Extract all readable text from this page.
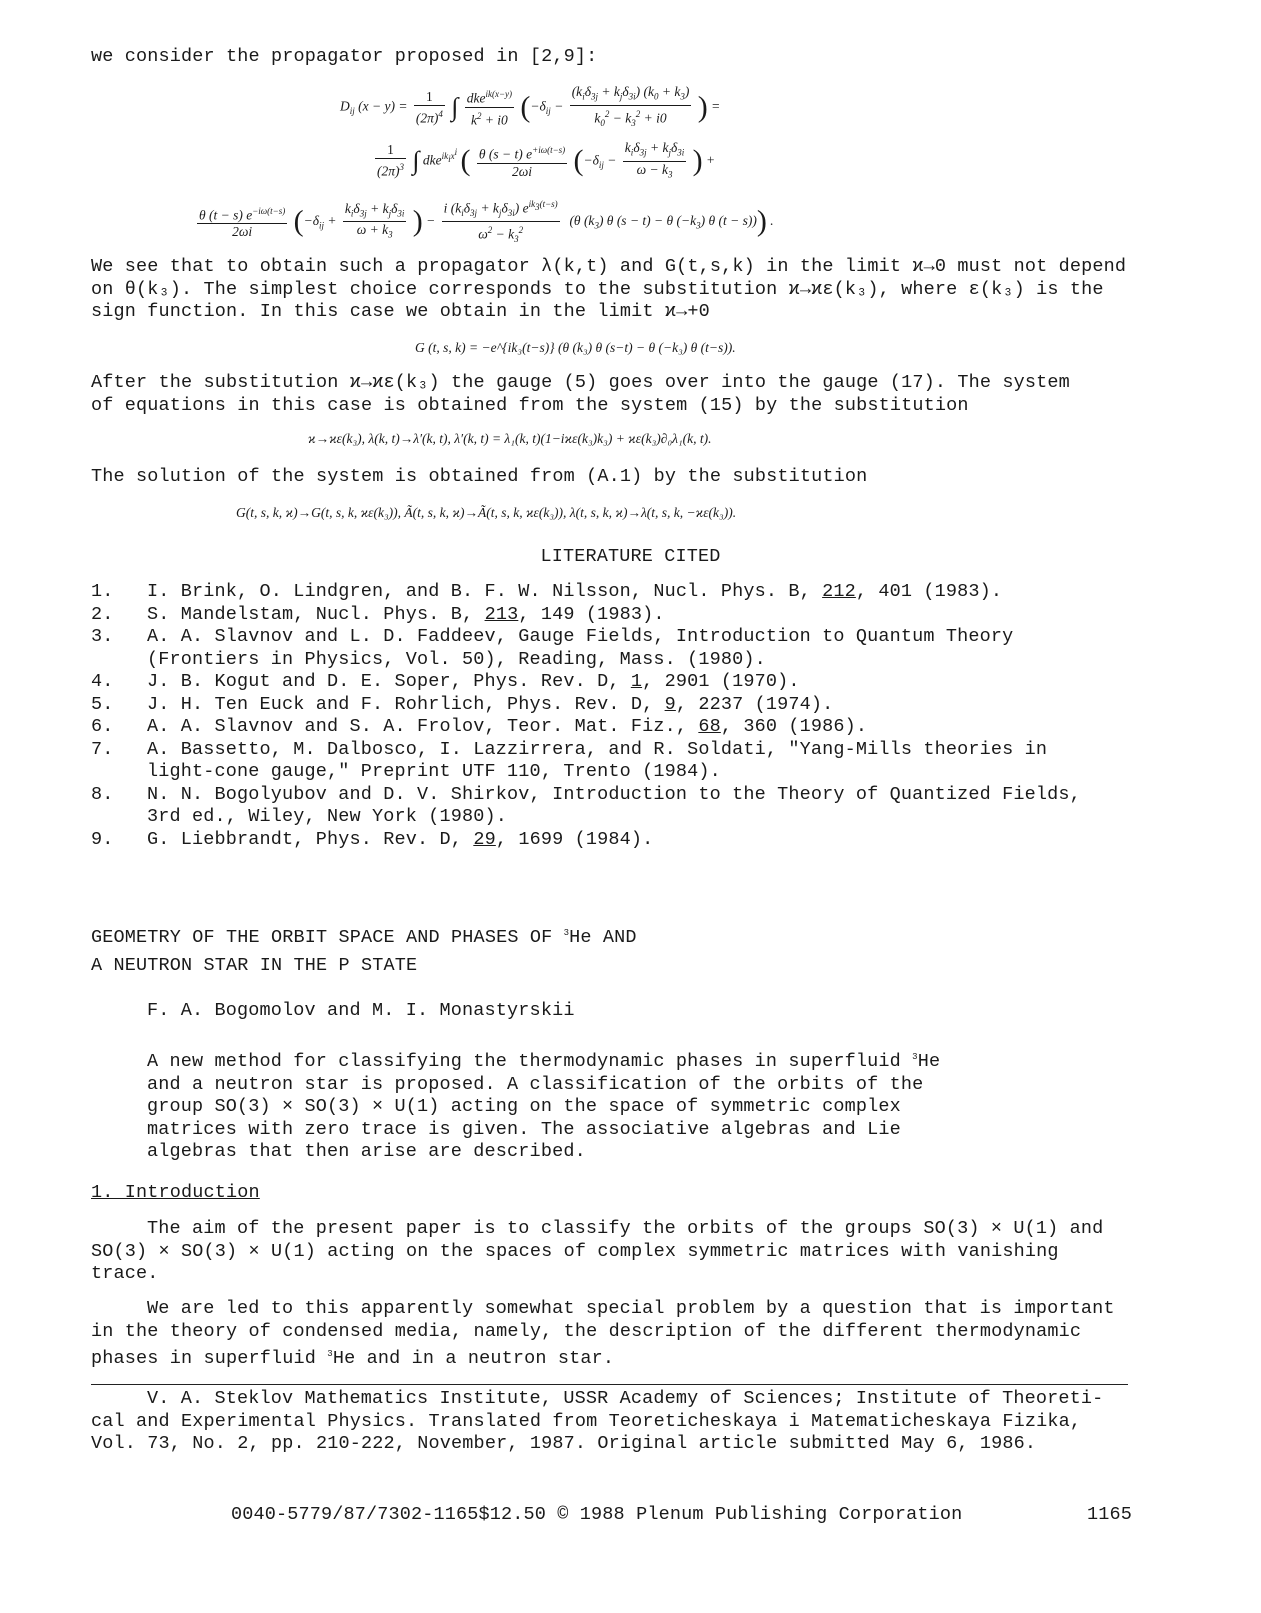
we consider the propagator proposed in [2,9]:
$D_{ij}$ $(x - y) = \frac{1}{(2\pi)^4}$ ∫ $\frac{dke^{ik(x-y)}}{k^2 + i0} (-\delta_{ij} - \frac{(k_i\delta_{3j} + k_j\delta_{3i}) (k_0 + k_3)}{k_0^2 - k_3^2 + i0}$ ) =
$\frac{1}{(2\pi)^3}$ ∫ dke$^{ik_ix^i}$ ( $\frac{\theta (s - t) e^{+i\omega(t-s)}}{2\omega i} (-\delta_{ij} - \frac{k_i\delta_{3j} + k_j\delta_{3i}}{\omega - k_3}$ ) +
$\frac{\theta (t - s) e^{-i\omega(t-s)}}{2\omega i} (-\delta_{ij} + \frac{k_i\delta_{3j} + k_j\delta_{3i}}{\omega + k_3}$ ) − $\frac{i (k_i\delta_{3j} + k_j\delta_{3i}) e^{ik_3(t-s)}}{\omega^2 - k_3^2} (\theta$ $(k_3)$ θ (s − t) − θ $(-k_3)$ θ (t − s))) .
We see that to obtain such a propagator λ(k,t) and G(t,s,k) in the limit ϰ→0 must not depend
on θ(k₃). The simplest choice corresponds to the substitution ϰ→ϰε(k₃), where ε(k₃) is the
sign function. In this case we obtain in the limit ϰ→+0
G (t, s, k) = −e^{ik₃(t−s)} (θ (k₃) θ (s−t) − θ (−k₃) θ (t−s)).
After the substitution ϰ→ϰε(k₃) the gauge (5) goes over into the gauge (17). The system
of equations in this case is obtained from the system (15) by the substitution
ϰ→ϰε(k₃), λ(k, t)→λ′(k, t), λ′(k, t) = λ₁(k, t)(1−iϰε(k₃)k₃) + ϰε(k₃)∂₀λ₁(k, t).
The solution of the system is obtained from (A.1) by the substitution
G(t, s, k, ϰ)→G(t, s, k, ϰε(k₃)), Ã(t, s, k, ϰ)→Ã(t, s, k, ϰε(k₃)), λ(t, s, k, ϰ)→λ(t, s, k, −ϰε(k₃)).
LITERATURE CITED
1.	I. Brink, O. Lindgren, and B. F. W. Nilsson, Nucl. Phys. B, 212, 401 (1983).
2.	S. Mandelstam, Nucl. Phys. B, 213, 149 (1983).
3.	A. A. Slavnov and L. D. Faddeev, Gauge Fields, Introduction to Quantum Theory
(Frontiers in Physics, Vol. 50), Reading, Mass. (1980).
4.	J. B. Kogut and D. E. Soper, Phys. Rev. D, 1, 2901 (1970).
5.	J. H. Ten Euck and F. Rohrlich, Phys. Rev. D, 9, 2237 (1974).
6.	A. A. Slavnov and S. A. Frolov, Teor. Mat. Fiz., 68, 360 (1986).
7.	A. Bassetto, M. Dalbosco, I. Lazzirrera, and R. Soldati, "Yang-Mills theories in
light-cone gauge," Preprint UTF 110, Trento (1984).
8.	N. N. Bogolyubov and D. V. Shirkov, Introduction to the Theory of Quantized Fields,
3rd ed., Wiley, New York (1980).
9.	G. Liebbrandt, Phys. Rev. D, 29, 1699 (1984).
GEOMETRY OF THE ORBIT SPACE AND PHASES OF $^3$He AND
A NEUTRON STAR IN THE P STATE
F. A. Bogomolov and M. I. Monastyrskii
A new method for classifying the thermodynamic phases in superfluid $^3$He
and a neutron star is proposed. A classification of the orbits of the
group SO(3) × SO(3) × U(1) acting on the space of symmetric complex
matrices with zero trace is given. The associative algebras and Lie
algebras that then arise are described.
1. Introduction
The aim of the present paper is to classify the orbits of the groups SO(3) × U(1) and
SO(3) × SO(3) × U(1) acting on the spaces of complex symmetric matrices with vanishing
trace.
We are led to this apparently somewhat special problem by a question that is important
in the theory of condensed media, namely, the description of the different thermodynamic
phases in superfluid $^3$He and in a neutron star.
V. A. Steklov Mathematics Institute, USSR Academy of Sciences; Institute of Theoreti-
cal and Experimental Physics. Translated from Teoreticheskaya i Matematicheskaya Fizika,
Vol. 73, No. 2, pp. 210-222, November, 1987. Original article submitted May 6, 1986.
0040-5779/87/7302-1165$12.50 © 1988 Plenum Publishing Corporation	1165
